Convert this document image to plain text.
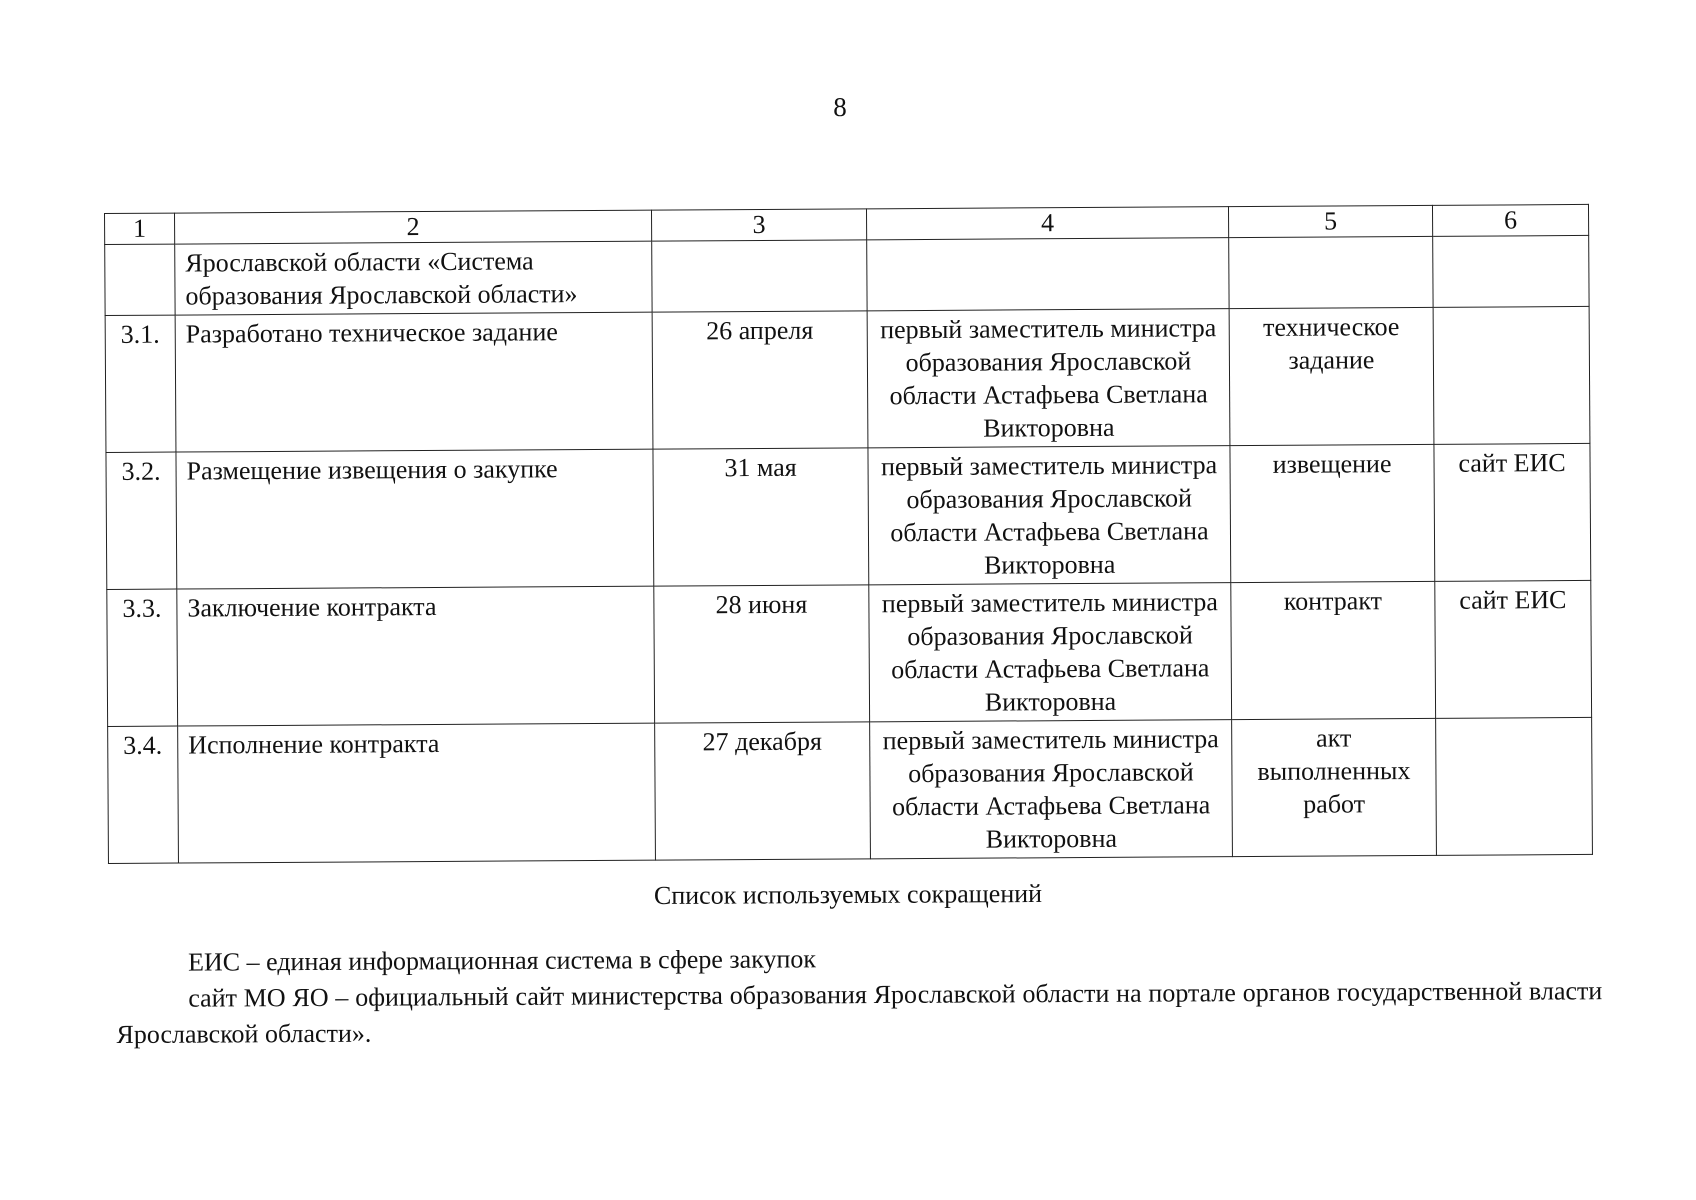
8
1	2	3	4	5	6
	Ярославской области «Система образования Ярославской области»				
3.1.	Разработано техническое задание	26 апреля	первый заместитель министра образования Ярославской области Астафьева Светлана Викторовна	техническое задание	
3.2.	Размещение извещения о закупке	31 мая	первый заместитель министра образования Ярославской области Астафьева Светлана Викторовна	извещение	сайт ЕИС
3.3.	Заключение контракта	28 июня	первый заместитель министра образования Ярославской области Астафьева Светлана Викторовна	контракт	сайт ЕИС
3.4.	Исполнение контракта	27 декабря	первый заместитель министра образования Ярославской области Астафьева Светлана Викторовна	акт выполненных работ	
Список используемых сокращений

ЕИС – единая информационная система в сфере закупок

сайт МО ЯО – официальный сайт министерства образования Ярославской области на портале органов государственной власти Ярославской области».
